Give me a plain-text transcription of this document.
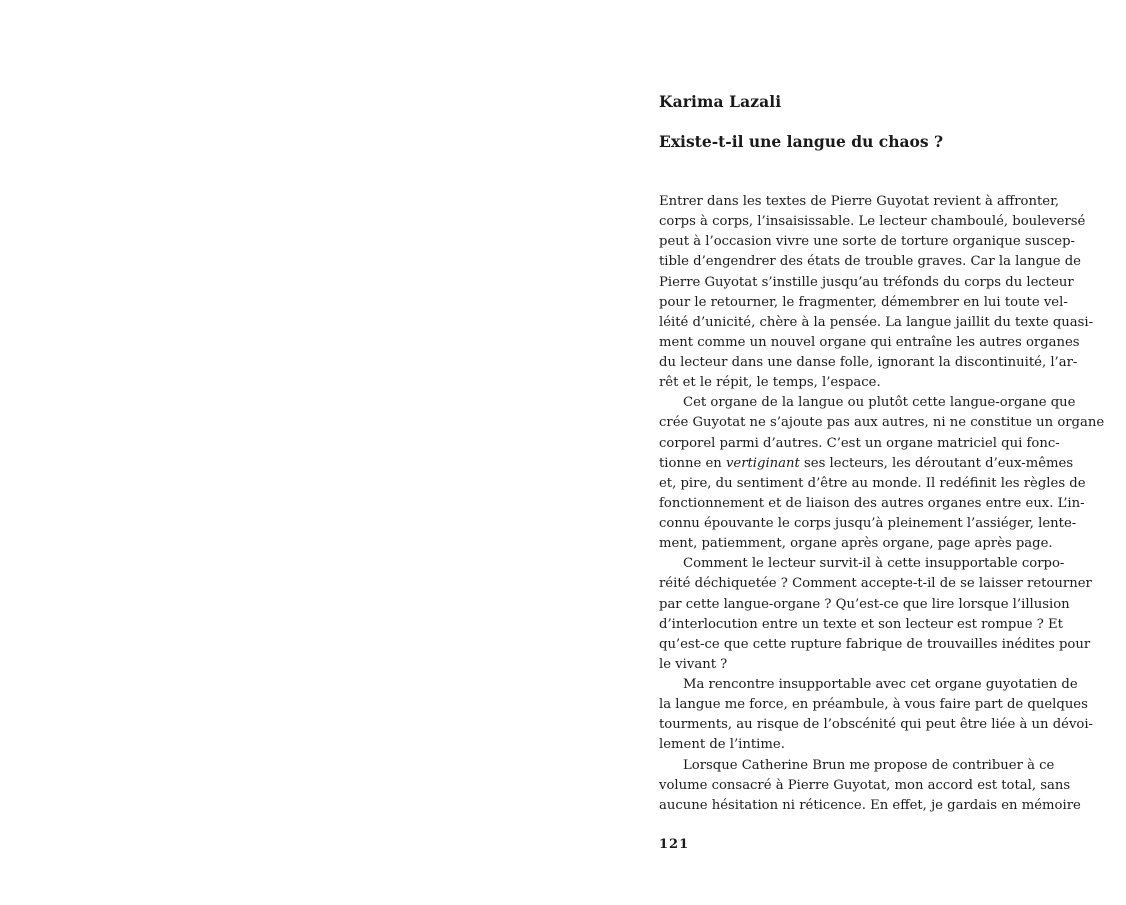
Karima Lazali
Existe-t-il une langue du chaos ?
Entrer dans les textes de Pierre Guyotat revient à affronter,
corps à corps, l’insaisissable. Le lecteur chamboulé, bouleversé
peut à l’occasion vivre une sorte de torture organique suscep-
tible d’engendrer des états de trouble graves. Car la langue de
Pierre Guyotat s’instille jusqu’au tréfonds du corps du lecteur
pour le retourner, le fragmenter, démembrer en lui toute vel-
léité d’unicité, chère à la pensée. La langue jaillit du texte quasi-
ment comme un nouvel organe qui entraîne les autres organes
du lecteur dans une danse folle, ignorant la discontinuité, l’ar-
rêt et le répit, le temps, l’espace.
Cet organe de la langue ou plutôt cette langue-organe que
crée Guyotat ne s’ajoute pas aux autres, ni ne constitue un organe
corporel parmi d’autres. C’est un organe matriciel qui fonc-
tionne en vertiginant ses lecteurs, les déroutant d’eux-mêmes
et, pire, du sentiment d’être au monde. Il redéfinit les règles de
fonctionnement et de liaison des autres organes entre eux. L’in-
connu épouvante le corps jusqu’à pleinement l’assiéger, lente-
ment, patiemment, organe après organe, page après page.
Comment le lecteur survit-il à cette insupportable corpo-
réité déchiquetée ? Comment accepte-t-il de se laisser retourner
par cette langue-organe ? Qu’est-ce que lire lorsque l’illusion
d’interlocution entre un texte et son lecteur est rompue ? Et
qu’est-ce que cette rupture fabrique de trouvailles inédites pour
le vivant ?
Ma rencontre insupportable avec cet organe guyotatien de
la langue me force, en préambule, à vous faire part de quelques
tourments, au risque de l’obscénité qui peut être liée à un dévoi-
lement de l’intime.
Lorsque Catherine Brun me propose de contribuer à ce
volume consacré à Pierre Guyotat, mon accord est total, sans
aucune hésitation ni réticence. En effet, je gardais en mémoire
121
